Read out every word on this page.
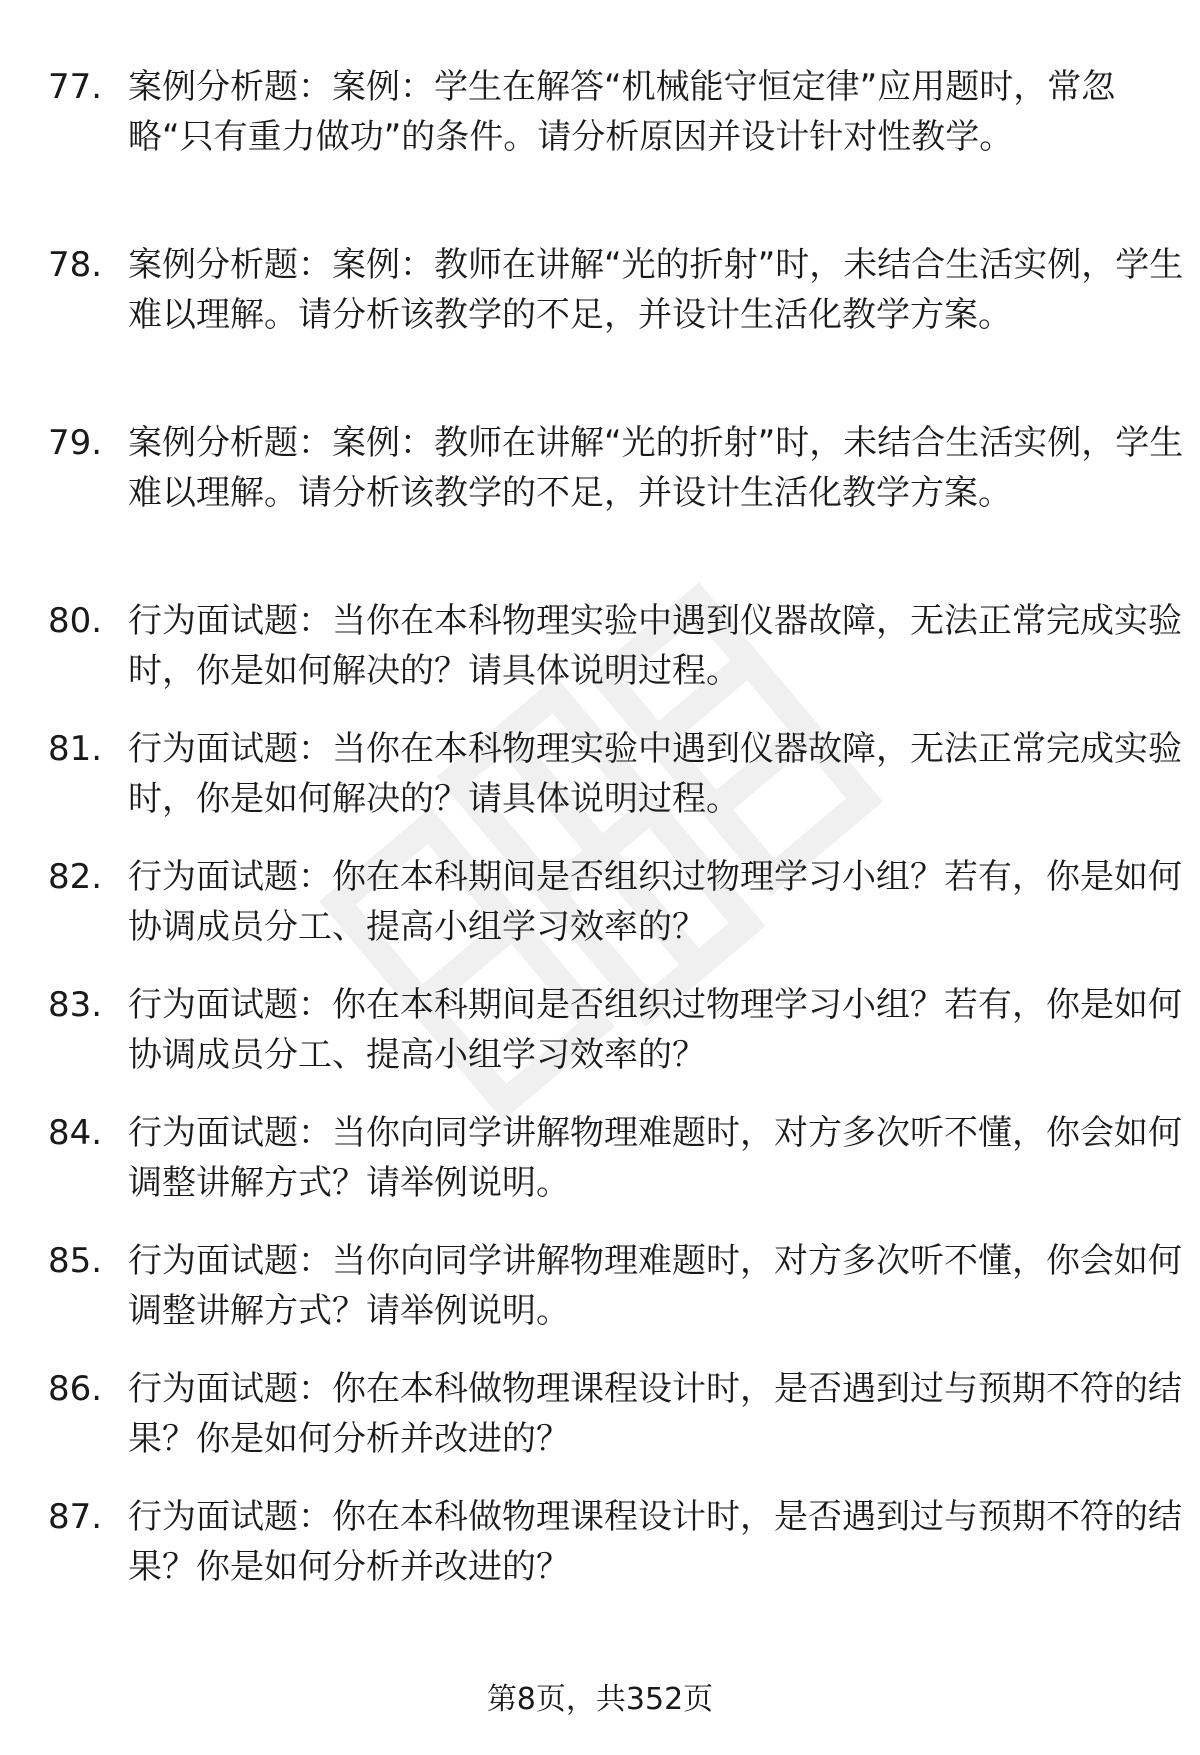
77. 案例分析题：案例：学生在解答“机械能守恒定律”应用题时，常忽略“只有重力做功”的条件。请分析原因并设计针对性教学。
78. 案例分析题：案例：教师在讲解“光的折射”时，未结合生活实例，学生难以理解。请分析该教学的不足，并设计生活化教学方案。
79. 案例分析题：案例：教师在讲解“光的折射”时，未结合生活实例，学生难以理解。请分析该教学的不足，并设计生活化教学方案。
80. 行为面试题：当你在本科物理实验中遇到仪器故障，无法正常完成实验时，你是如何解决的？请具体说明过程。
81. 行为面试题：当你在本科物理实验中遇到仪器故障，无法正常完成实验时，你是如何解决的？请具体说明过程。
82. 行为面试题：你在本科期间是否组织过物理学习小组？若有，你是如何协调成员分工、提高小组学习效率的？
83. 行为面试题：你在本科期间是否组织过物理学习小组？若有，你是如何协调成员分工、提高小组学习效率的？
84. 行为面试题：当你向同学讲解物理难题时，对方多次听不懂，你会如何调整讲解方式？请举例说明。
85. 行为面试题：当你向同学讲解物理难题时，对方多次听不懂，你会如何调整讲解方式？请举例说明。
86. 行为面试题：你在本科做物理课程设计时，是否遇到过与预期不符的结果？你是如何分析并改进的？
87. 行为面试题：你在本科做物理课程设计时，是否遇到过与预期不符的结果？你是如何分析并改进的？
第8页，共352页
